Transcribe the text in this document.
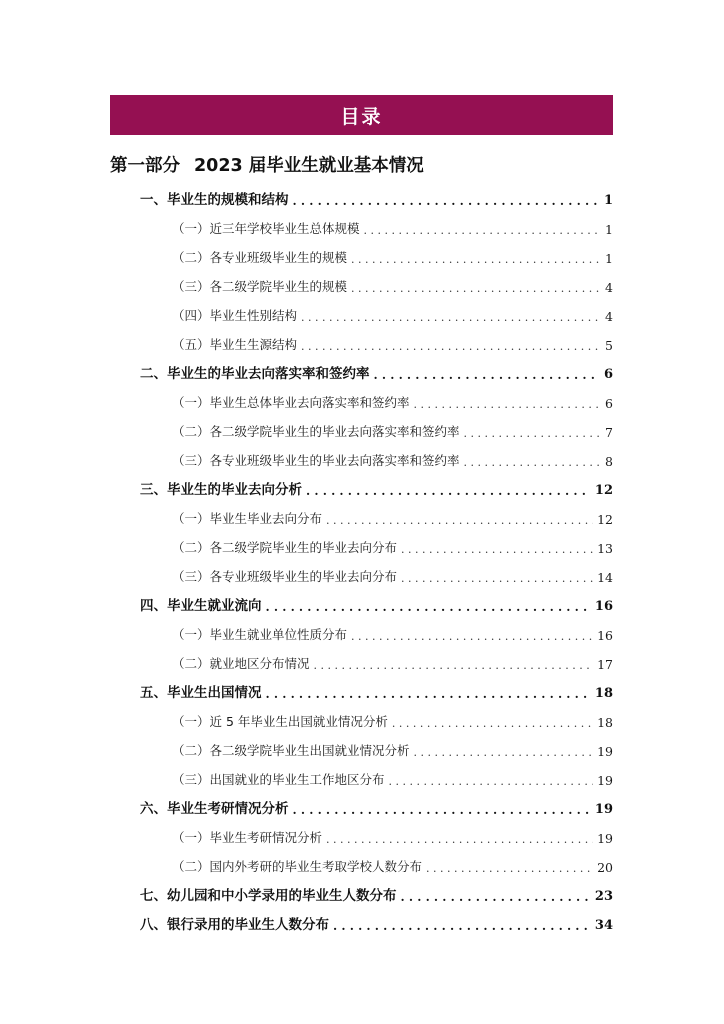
目录
第一部分 2023 届毕业生就业基本情况
一、毕业生的规模和结构 . . .	1
（一）近三年学校毕业生总体规模 . . .	1
（二）各专业班级毕业生的规模 . . .	1
（三）各二级学院毕业生的规模 . . .	4
（四）毕业生性别结构 . . .	4
（五）毕业生生源结构 . . .	5
二、毕业生的毕业去向落实率和签约率 . . .	6
（一）毕业生总体毕业去向落实率和签约率 . . .	6
（二）各二级学院毕业生的毕业去向落实率和签约率 . . .	7
（三）各专业班级毕业生的毕业去向落实率和签约率 . . .	8
三、毕业生的毕业去向分析 . . .	12
（一）毕业生毕业去向分布 . . .	12
（二）各二级学院毕业生的毕业去向分布 . . .	13
（三）各专业班级毕业生的毕业去向分布 . . .	14
四、毕业生就业流向 . . .	16
（一）毕业生就业单位性质分布 . . .	16
（二）就业地区分布情况 . . .	17
五、毕业生出国情况 . . .	18
（一）近 5 年毕业生出国就业情况分析 . . .	18
（二）各二级学院毕业生出国就业情况分析 . . .	19
（三）出国就业的毕业生工作地区分布 . . .	19
六、毕业生考研情况分析 . . .	19
（一）毕业生考研情况分析 . . .	19
（二）国内外考研的毕业生考取学校人数分布 . . .	20
七、幼儿园和中小学录用的毕业生人数分布 . . .	23
八、银行录用的毕业生人数分布 . . .	34
